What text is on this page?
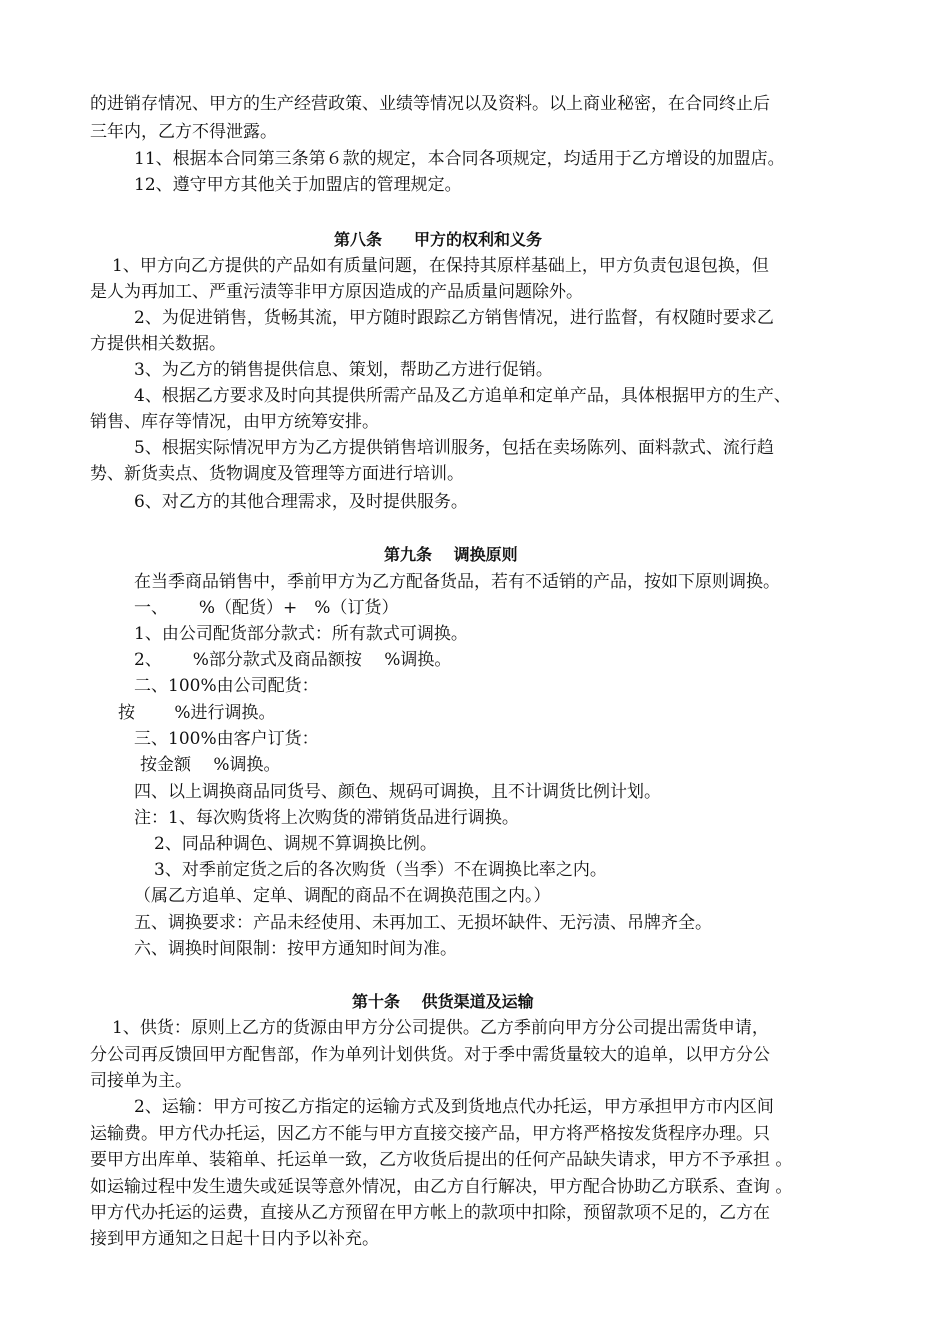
的进销存情况、甲方的生产经营政策、业绩等情况以及资料。以上商业秘密，在合同终止后
三年内，乙方不得泄露。
11、根据本合同第三条第６款的规定，本合同各项规定，均适用于乙方增设的加盟店。
12、遵守甲方其他关于加盟店的管理规定。
第八条　　甲方的权利和义务
1、甲方向乙方提供的产品如有质量问题，在保持其原样基础上，甲方负责包退包换，但
是人为再加工、严重污渍等非甲方原因造成的产品质量问题除外。
2、为促进销售，货畅其流，甲方随时跟踪乙方销售情况，进行监督，有权随时要求乙
方提供相关数据。
3、为乙方的销售提供信息、策划，帮助乙方进行促销。
4、根据乙方要求及时向其提供所需产品及乙方追单和定单产品，具体根据甲方的生产、
销售、库存等情况，由甲方统筹安排。
5、根据实际情况甲方为乙方提供销售培训服务，包括在卖场陈列、面料款式、流行趋
势、新货卖点、货物调度及管理等方面进行培训。
6、对乙方的其他合理需求，及时提供服务。
第九条　 调换原则
在当季商品销售中，季前甲方为乙方配备货品，若有不适销的产品，按如下原则调换。
一、　　 %（配货）+　%（订货）
1、由公司配货部分款式：所有款式可调换。
2、　　 %部分款式及商品额按　 %调换。
二、100%由公司配货：
按　　 %进行调换。
三、100%由客户订货：
按金额　 %调换。
四、以上调换商品同货号、颜色、规码可调换，且不计调货比例计划。
注：1、每次购货将上次购货的滞销货品进行调换。
2、同品种调色、调规不算调换比例。
3、对季前定货之后的各次购货（当季）不在调换比率之内。
（属乙方追单、定单、调配的商品不在调换范围之内。）
五、调换要求：产品未经使用、未再加工、无损坏缺件、无污渍、吊牌齐全。
六、调换时间限制：按甲方通知时间为准。
第十条　 供货渠道及运输
1、供货：原则上乙方的货源由甲方分公司提供。乙方季前向甲方分公司提出需货申请，
分公司再反馈回甲方配售部，作为单列计划供货。对于季中需货量较大的追单，以甲方分公
司接单为主。
2、运输：甲方可按乙方指定的运输方式及到货地点代办托运，甲方承担甲方市内区间
运输费。甲方代办托运，因乙方不能与甲方直接交接产品，甲方将严格按发货程序办理。只
要甲方出库单、装箱单、托运单一致，乙方收货后提出的任何产品缺失请求，甲方不予承担 。
如运输过程中发生遗失或延误等意外情况，由乙方自行解决，甲方配合协助乙方联系、查询 。
甲方代办托运的运费，直接从乙方预留在甲方帐上的款项中扣除，预留款项不足的，乙方在
接到甲方通知之日起十日内予以补充。
